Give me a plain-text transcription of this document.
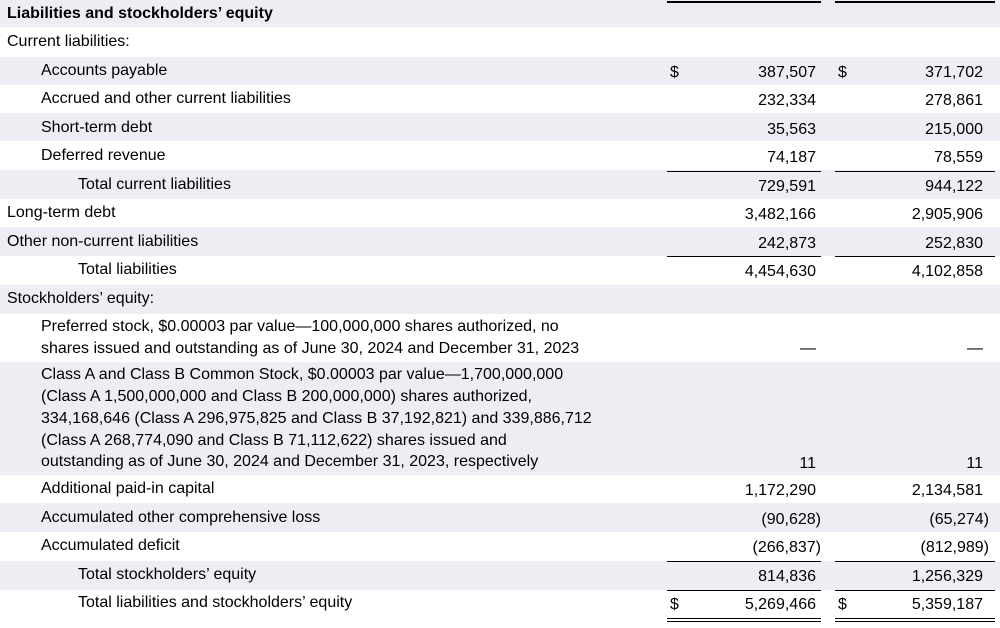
Liabilities and stockholders’ equity
Current liabilities:
Accounts payable	$	387,507 $	371,702
Accrued and other current liabilities	232,334	278,861
Short-term debt	35,563	215,000
Deferred revenue	74,187	78,559
Total current liabilities	729,591	944,122
Long-term debt	3,482,166	2,905,906
Other non-current liabilities	242,873	252,830
Total liabilities	4,454,630	4,102,858
Stockholders’ equity:
Preferred stock, $0.00003 par value—100,000,000 shares authorized, no
shares issued and outstanding as of June 30, 2024 and December 31, 2023	—	—
Class A and Class B Common Stock, $0.00003 par value—1,700,000,000
(Class A 1,500,000,000 and Class B 200,000,000) shares authorized,
334,168,646 (Class A 296,975,825 and Class B 37,192,821) and 339,886,712
(Class A 268,774,090 and Class B 71,112,622) shares issued and
outstanding as of June 30, 2024 and December 31, 2023, respectively	11	11
Additional paid-in capital	1,172,290	2,134,581
Accumulated other comprehensive loss	(90,628)	(65,274)
Accumulated deficit	(266,837)	(812,989)
Total stockholders’ equity	814,836	1,256,329
Total liabilities and stockholders’ equity	$	5,269,466 $	5,359,187
